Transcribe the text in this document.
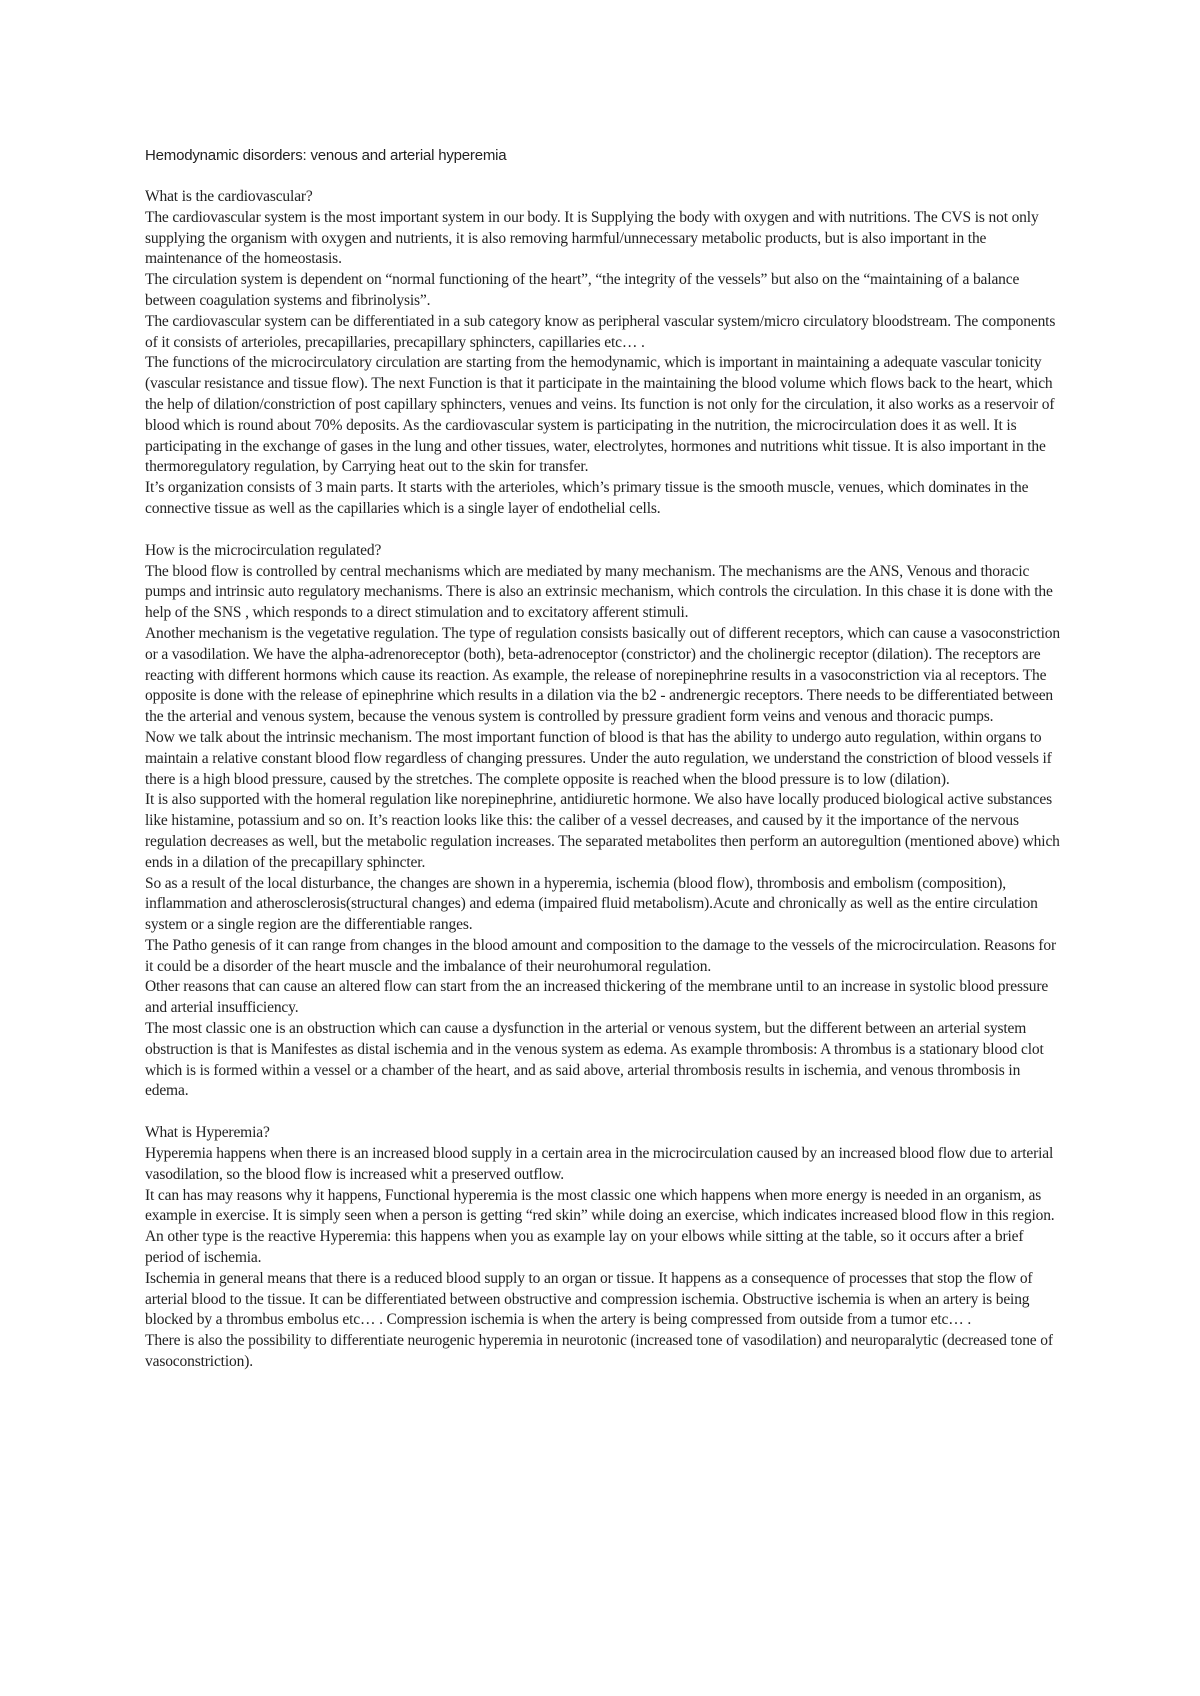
Hemodynamic disorders: venous and arterial hyperemia
What is the cardiovascular?

The cardiovascular system is the most important system in our body. It is Supplying the body with oxygen and with nutritions. The CVS is not only supplying the organism with oxygen and nutrients, it is also removing harmful/unnecessary metabolic products, but is also important in the maintenance of the homeostasis.

The circulation system is dependent on “normal functioning of the heart”, “the integrity of the vessels” but also on the “maintaining of a balance between coagulation systems and fibrinolysis”.

The cardiovascular system can be differentiated in a sub category know as peripheral vascular system/micro circulatory bloodstream. The components of it consists of arterioles, precapillaries, precapillary sphincters, capillaries etc… .

The functions of the microcirculatory circulation are starting from the hemodynamic, which is important in maintaining a adequate vascular tonicity (vascular resistance and tissue flow). The next Function is that it participate in the maintaining the blood volume which flows back to the heart, which the help of dilation/constriction of post capillary sphincters, venues and veins. Its function is not only for the circulation, it also works as a reservoir of blood which is round about 70% deposits. As the cardiovascular system is participating in the nutrition, the microcirculation does it as well. It is participating in the exchange of gases in the lung and other tissues, water, electrolytes, hormones and nutritions whit tissue. It is also important in the thermoregulatory regulation, by Carrying heat out to the skin for transfer.

It’s organization consists of 3 main parts. It starts with the arterioles, which’s primary tissue is the smooth muscle, venues, which dominates in the connective tissue as well as the capillaries which is a single layer of endothelial cells.

How is the microcirculation regulated?

The blood flow is controlled by central mechanisms which are mediated by many mechanism. The mechanisms are the ANS, Venous and thoracic pumps and intrinsic auto regulatory mechanisms. There is also an extrinsic mechanism, which controls the circulation. In this chase it is done with the help of the SNS , which responds to a direct stimulation and to excitatory afferent stimuli.

Another mechanism is the vegetative regulation. The type of regulation consists basically out of different receptors, which can cause a vasoconstriction or a vasodilation. We have the alpha-adrenoreceptor (both), beta-adrenoceptor (constrictor) and the cholinergic receptor (dilation). The receptors are reacting with different hormons which cause its reaction. As example, the release of norepinephrine results in a vasoconstriction via al receptors. The opposite is done with the release of epinephrine which results in a dilation via the b2 - andrenergic receptors. There needs to be differentiated between the the arterial and venous system, because the venous system is controlled by pressure gradient form veins and venous and thoracic pumps.

Now we talk about the intrinsic mechanism. The most important function of blood is that has the ability to undergo auto regulation, within organs to maintain a relative constant blood flow regardless of changing pressures. Under the auto regulation, we understand the constriction of blood vessels if there is a high blood pressure, caused by the stretches. The complete opposite is reached when the blood pressure is to low (dilation).

It is also supported with the homeral regulation like norepinephrine, antidiuretic hormone. We also have locally produced biological active substances like histamine, potassium and so on. It’s reaction looks like this: the caliber of a vessel decreases, and caused by it the importance of the nervous regulation decreases as well, but the metabolic regulation increases. The separated metabolites then perform an autoregultion (mentioned above) which ends in a dilation of the precapillary sphincter.

So as a result of the local disturbance, the changes are shown in a hyperemia, ischemia (blood flow), thrombosis and embolism (composition), inflammation and atherosclerosis(structural changes) and edema (impaired fluid metabolism).Acute and chronically as well as the entire circulation system or a single region are the differentiable ranges.

The Patho genesis of it can range from changes in the blood amount and composition to the damage to the vessels of the microcirculation. Reasons for it could be a disorder of the heart muscle and the imbalance of their neurohumoral regulation.

Other reasons that can cause an altered flow can start from the an increased thickering of the membrane until to an increase in systolic blood pressure and arterial insufficiency.

The most classic one is an obstruction which can cause a dysfunction in the arterial or venous system, but the different between an arterial system obstruction is that is Manifestes as distal ischemia and in the venous system as edema. As example thrombosis: A thrombus is a stationary blood clot which is is formed within a vessel or a chamber of the heart, and as said above, arterial thrombosis results in ischemia, and venous thrombosis in edema.

What is Hyperemia?

Hyperemia happens when there is an increased blood supply in a certain area in the microcirculation caused by an increased blood flow due to arterial vasodilation, so the blood flow is increased whit a preserved outflow.

It can has may reasons why it happens, Functional hyperemia is the most classic one which happens when more energy is needed in an organism, as example in exercise. It is simply seen when a person is getting “red skin” while doing an exercise, which indicates increased blood flow in this region. An other type is the reactive Hyperemia: this happens when you as example lay on your elbows while sitting at the table, so it occurs after a brief period of ischemia.

Ischemia in general means that there is a reduced blood supply to an organ or tissue. It happens as a consequence of processes that stop the flow of arterial blood to the tissue. It can be differentiated between obstructive and compression ischemia. Obstructive ischemia is when an artery is being blocked by a thrombus embolus etc… . Compression ischemia is when the artery is being compressed from outside from a tumor etc… .

There is also the possibility to differentiate neurogenic hyperemia in neurotonic (increased tone of vasodilation) and neuroparalytic (decreased tone of vasoconstriction).
